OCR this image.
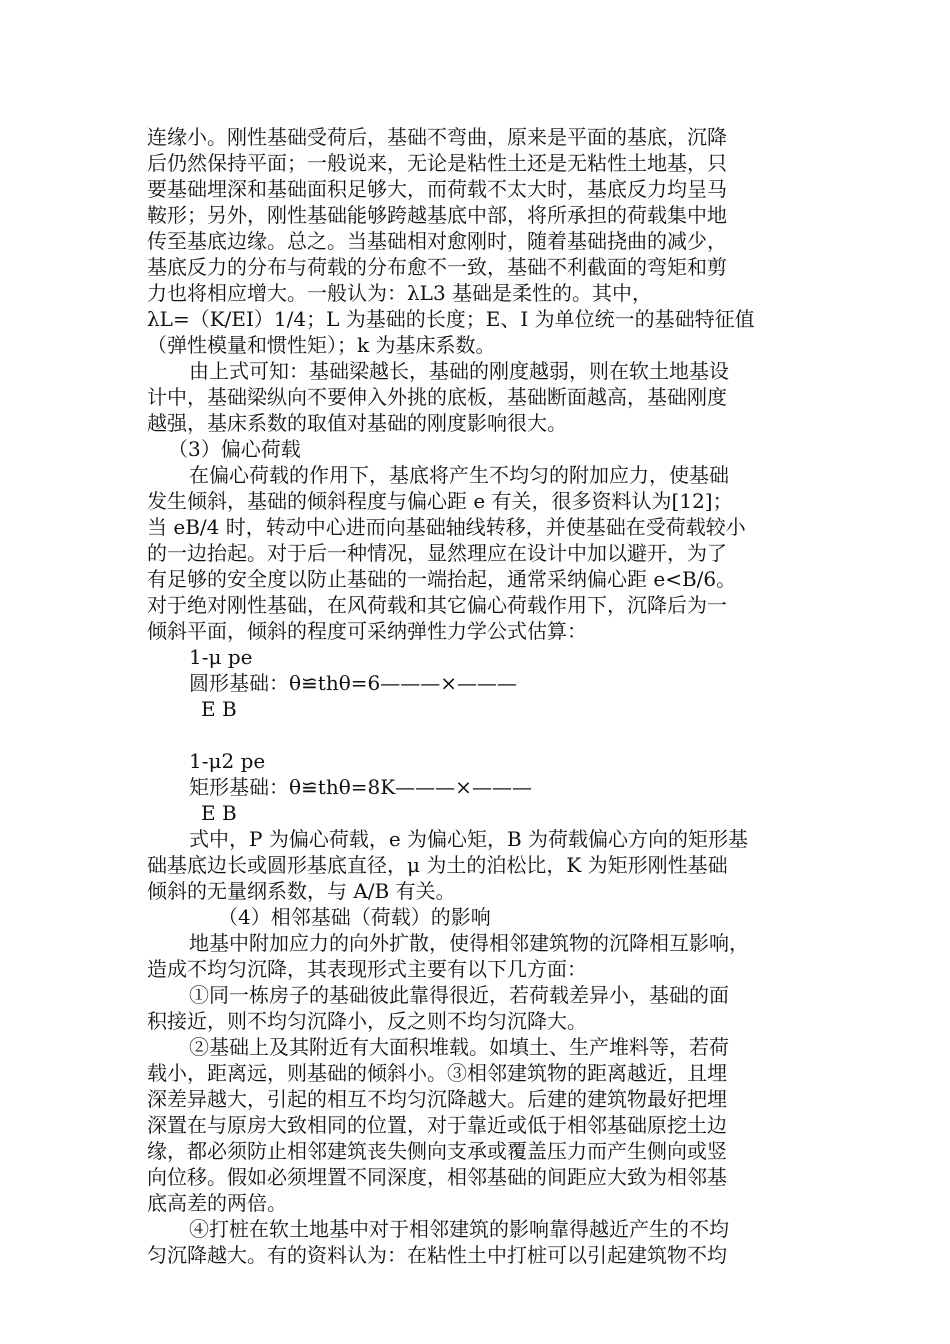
连缘小。刚性基础受荷后，基础不弯曲，原来是平面的基底，沉降
后仍然保持平面；一般说来，无论是粘性土还是无粘性土地基，只
要基础埋深和基础面积足够大，而荷载不太大时，基底反力均呈马
鞍形；另外，刚性基础能够跨越基底中部，将所承担的荷载集中地
传至基底边缘。总之。当基础相对愈刚时，随着基础挠曲的减少，
基底反力的分布与荷载的分布愈不一致，基础不利截面的弯矩和剪
力也将相应增大。一般认为：λL3 基础是柔性的。其中，
λL=（K/EI）1/4；L 为基础的长度；E、I 为单位统一的基础特征值
（弹性模量和惯性矩）；k 为基床系数。
由上式可知：基础梁越长，基础的刚度越弱，则在软土地基设
计中，基础梁纵向不要伸入外挑的底板，基础断面越高，基础刚度
越强，基床系数的取值对基础的刚度影响很大。
（3）偏心荷载
在偏心荷载的作用下，基底将产生不均匀的附加应力，使基础
发生倾斜，基础的倾斜程度与偏心距 e 有关，很多资料认为[12]；
当 eB/4 时，转动中心进而向基础轴线转移，并使基础在受荷载较小
的一边抬起。对于后一种情况，显然理应在设计中加以避开，为了
有足够的安全度以防止基础的一端抬起，通常采纳偏心距 e<B/6。
对于绝对刚性基础，在风荷载和其它偏心荷载作用下，沉降后为一
倾斜平面，倾斜的程度可采纳弹性力学公式估算：
1-μ pe
圆形基础：θ≌thθ=6———×———
E B
1-μ2 pe
矩形基础：θ≌thθ=8K———×———
E B
式中，P 为偏心荷载，e 为偏心矩，B 为荷载偏心方向的矩形基
础基底边长或圆形基底直径，μ 为土的泊松比，K 为矩形刚性基础
倾斜的无量纲系数，与 A/B 有关。
（4）相邻基础（荷载）的影响
地基中附加应力的向外扩散，使得相邻建筑物的沉降相互影响，
造成不均匀沉降，其表现形式主要有以下几方面：
①同一栋房子的基础彼此靠得很近，若荷载差异小，基础的面
积接近，则不均匀沉降小，反之则不均匀沉降大。
②基础上及其附近有大面积堆载。如填土、生产堆料等，若荷
载小，距离远，则基础的倾斜小。③相邻建筑物的距离越近，且埋
深差异越大，引起的相互不均匀沉降越大。后建的建筑物最好把埋
深置在与原房大致相同的位置，对于靠近或低于相邻基础原挖土边
缘，都必须防止相邻建筑丧失侧向支承或覆盖压力而产生侧向或竖
向位移。假如必须埋置不同深度，相邻基础的间距应大致为相邻基
底高差的两倍。
④打桩在软土地基中对于相邻建筑的影响靠得越近产生的不均
匀沉降越大。有的资料认为：在粘性土中打桩可以引起建筑物不均
